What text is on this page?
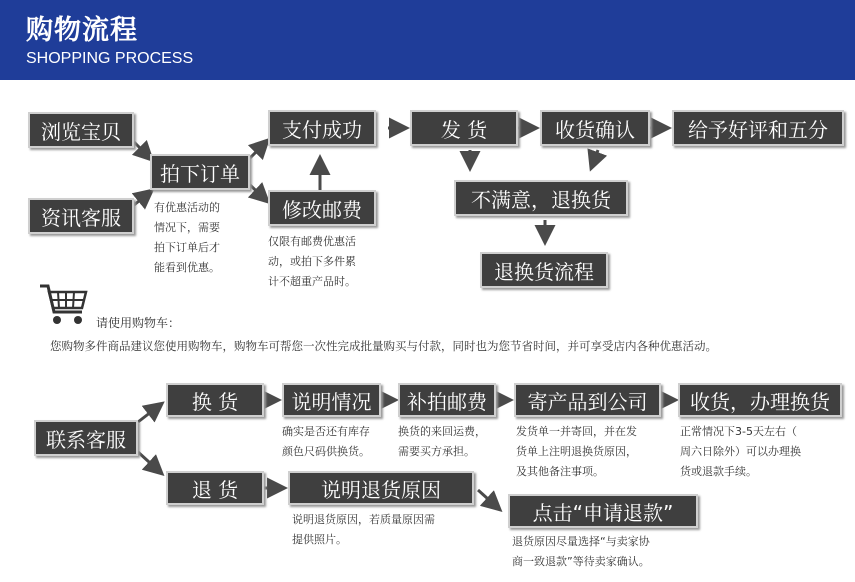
购物流程
SHOPPING PROCESS
浏览宝贝
资讯客服
拍下订单
支付成功
修改邮费
发 货	收货确认	给予好评和五分
不满意，退换货
退换货流程
有优惠活动的
情况下，需要
拍下订单后才
能看到优惠。
仅限有邮费优惠活
动，或拍下多件累
计不超重产品时。
请使用购物车：
您购物多件商品建议您使用购物车，购物车可帮您一次性完成批量购买与付款，同时也为您节省时间，并可享受店内各种优惠活动。
联系客服
换 货	说明情况	补拍邮费	寄产品到公司	收货，办理换货
退 货	说明退货原因
点击“申请退款”
确实是否还有库存
颜色尺码供换货。
换货的来回运费，
需要买方承担。
发货单一并寄回，并在发
货单上注明退换货原因，
及其他备注事项。
正常情况下3-5天左右（
周六日除外）可以办理换
货或退款手续。
说明退货原因，若质量原因需
提供照片。	退货原因尽量选择“与卖家协
商一致退款”等待卖家确认。
